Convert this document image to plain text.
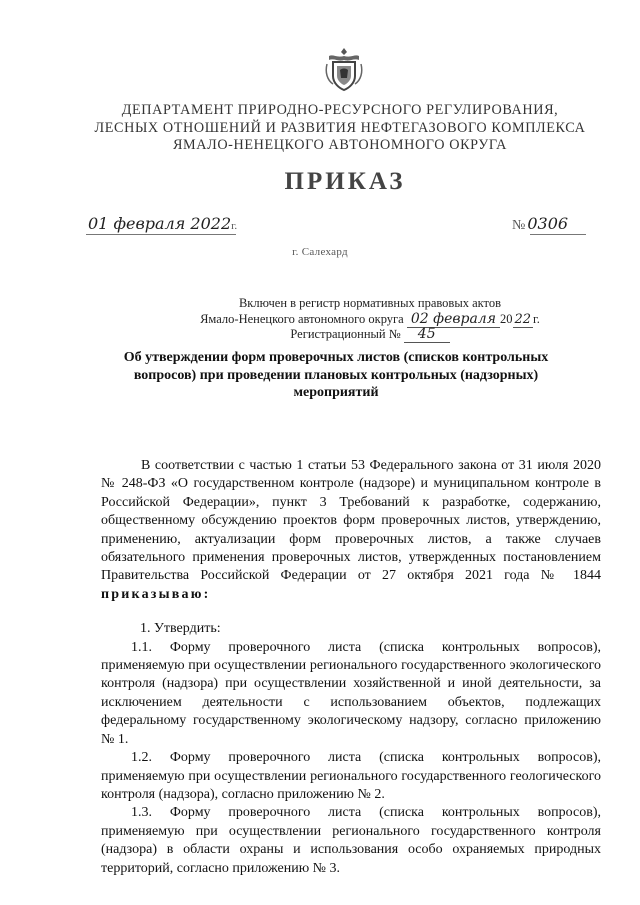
ДЕПАРТАМЕНТ ПРИРОДНО-РЕСУРСНОГО РЕГУЛИРОВАНИЯ,
ЛЕСНЫХ ОТНОШЕНИЙ И РАЗВИТИЯ НЕФТЕГАЗОВОГО КОМПЛЕКСА
ЯМАЛО-НЕНЕЦКОГО АВТОНОМНОГО ОКРУГА
ПРИКАЗ
01 февраля 2022г.	№ 0306
г. Салехард
Включен в регистр нормативных правовых актов
Ямало-Ненецкого автономного округа 02 февраля 20 22 г.
Регистрационный № 45
Об утверждении форм проверочных листов (списков контрольных вопросов) при проведении плановых контрольных (надзорных) мероприятий

В соответствии с частью 1 статьи 53 Федерального закона от 31 июля 2020 № 248-ФЗ «О государственном контроле (надзоре) и муниципальном контроле в Российской Федерации», пункт 3 Требований к разработке, содержанию, общественному обсуждению проектов форм проверочных листов, утверждению, применению, актуализации форм проверочных листов, а также случаев обязательного применения проверочных листов, утвержденных постановлением Правительства Российской Федерации от 27 октября 2021 года № 1844 приказываю:

1. Утвердить:

1.1. Форму проверочного листа (списка контрольных вопросов), применяемую при осуществлении регионального государственного экологического контроля (надзора) при осуществлении хозяйственной и иной деятельности, за исключением деятельности с использованием объектов, подлежащих федеральному государственному экологическому надзору, согласно приложению № 1.

1.2. Форму проверочного листа (списка контрольных вопросов), применяемую при осуществлении регионального государственного геологического контроля (надзора), согласно приложению № 2.

1.3. Форму проверочного листа (списка контрольных вопросов), применяемую при осуществлении регионального государственного контроля (надзора) в области охраны и использования особо охраняемых природных территорий, согласно приложению № 3.
